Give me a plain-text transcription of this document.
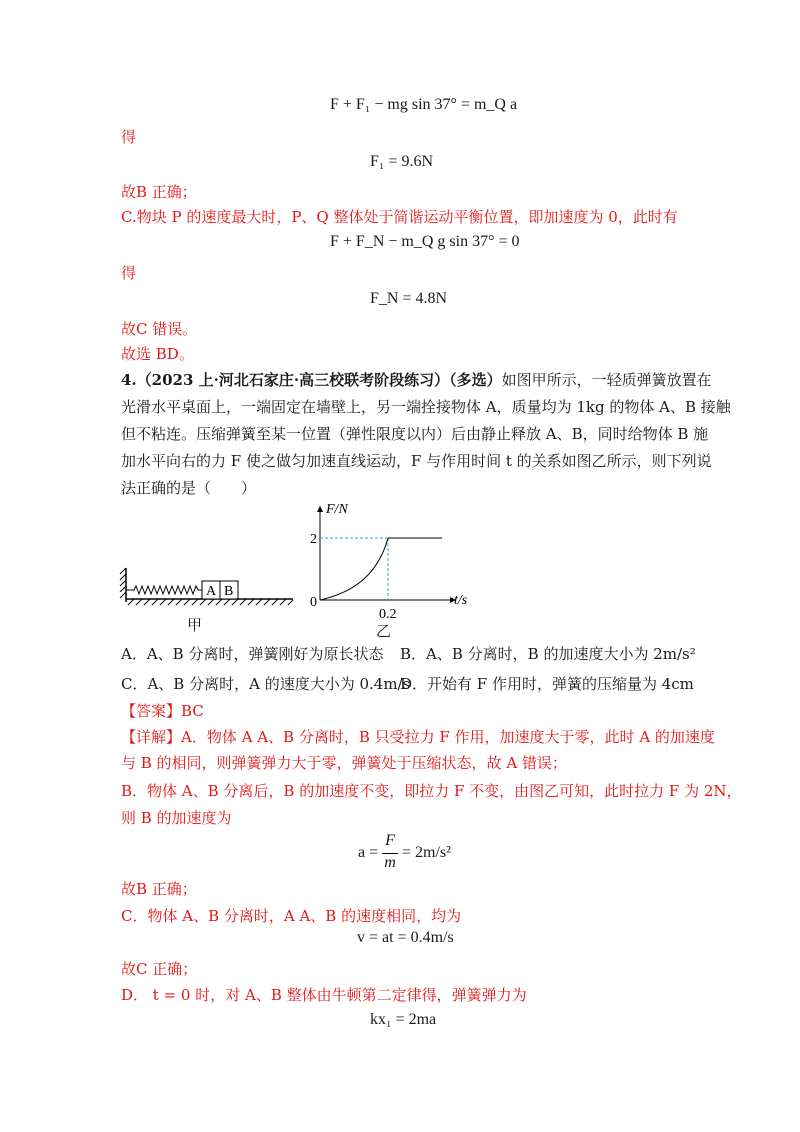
F + F₁ − mg sin 37° = m_Q a
得
F₁ = 9.6N
故B 正确；
C.物块 P 的速度最大时，P、Q 整体处于简谐运动平衡位置，即加速度为 0，此时有
F + F_N − m_Q g sin 37° = 0
得
F_N = 4.8N
故C 错误。
故选 BD。
4.（2023 上·河北石家庄·高三校联考阶段练习）（多选）如图甲所示，一轻质弹簧放置在
光滑水平桌面上，一端固定在墙壁上，另一端拴接物体 A，质量均为 1kg 的物体 A、B 接触
但不粘连。压缩弹簧至某一位置（弹性限度以内）后由静止释放 A、B，同时给物体 B 施
加水平向右的力 F 使之做匀加速直线运动，F 与作用时间 t 的关系如图乙所示，则下列说
法正确的是（　　）
A B
甲
F/N
t/s
0
2
0.2
乙
A．A、B 分离时，弹簧刚好为原长状态 B．A、B 分离时，B 的加速度大小为 2m/s²
C．A、B 分离时，A 的速度大小为 0.4m/s
D．开始有 F 作用时，弹簧的压缩量为 4cm
【答案】BC
【详解】A．物体 A A、B 分离时，B 只受拉力 F 作用，加速度大于零，此时 A 的加速度
与 B 的相同，则弹簧弹力大于零，弹簧处于压缩状态，故 A 错误；
B．物体 A、B 分离后，B 的加速度不变，即拉力 F 不变，由图乙可知，此时拉力 F 为 2N，
则 B 的加速度为
a =
F
m
= 2m/s²
故B 正确；
C．物体 A、B 分离时，A A、B 的速度相同，均为
v = at = 0.4m/s
故C 正确；
D． t = 0 时，对 A、B 整体由牛顿第二定律得，弹簧弹力为
kx₁ = 2ma
